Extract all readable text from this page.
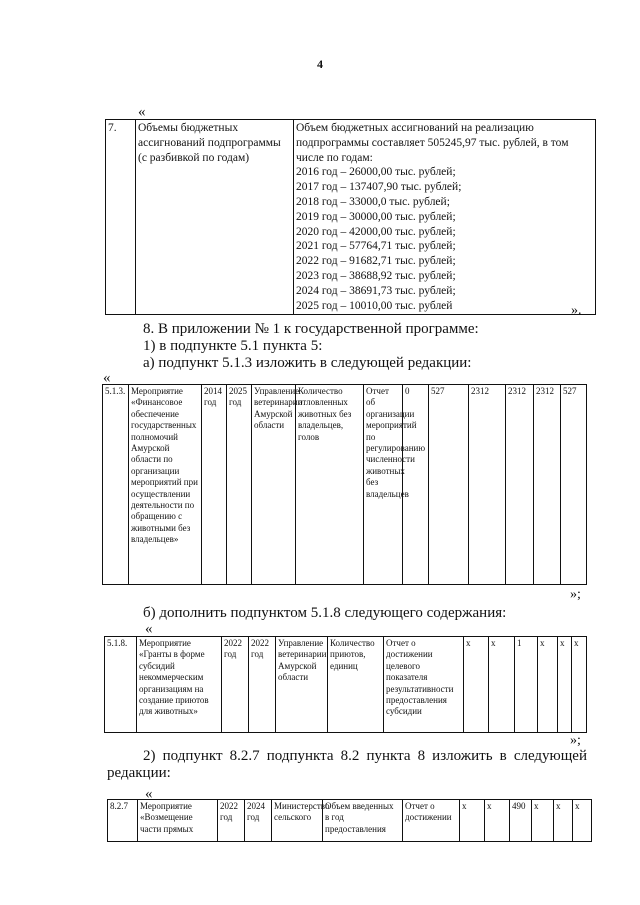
4
«
7.	Объемы бюджетных ассигнований подпрограммы (с разбивкой по годам)	
Объем бюджетных ассигнований на реализацию подпрограммы составляет 505245,97 тыс. рублей, в том числе по годам:
2016 год – 26000,00 тыс. рублей;
2017 год – 137407,90 тыс. рублей;
2018 год – 33000,0 тыс. рублей;
2019 год – 30000,00 тыс. рублей;
2020 год – 42000,00 тыс. рублей;
2021 год – 57764,71 тыс. рублей;
2022 год – 91682,71 тыс. рублей;
2023 год – 38688,92 тыс. рублей;
2024 год – 38691,73 тыс. рублей;
2025 год – 10010,00 тыс. рублей	».
8. В приложении № 1 к государственной программе:
1) в подпункте 5.1 пункта 5:
а) подпункт 5.1.3 изложить в следующей редакции:
«
5.1.3.	Мероприятие «Финансовое обеспечение государственных полномочий Амурской области по организации мероприятий при осуществлении деятельности по обращению с животными без владельцев»	2014 год	2025 год	Управление ветеринарии Амурской области	Количество отловленных животных без владельцев, голов	Отчет об организации мероприятий по регулированию численности животных без владельцев	0	527	2312	2312	2312	527
»;
б) дополнить подпунктом 5.1.8 следующего содержания:
«
5.1.8.	Мероприятие «Гранты в форме субсидий некоммерческим организациям на создание приютов для животных»	2022 год	2022 год	Управление ветеринарии Амурской области	Количество приютов, единиц	Отчет о достижении целевого показателя результативности предоставления субсидии	х	х	1	х	х	х
»;
2) подпункт 8.2.7 подпункта 8.2 пункта 8 изложить в следующей редакции:
«
8.2.7	Мероприятие «Возмещение части прямых	2022 год	2024 год	Министерство сельского	Объем введенных в год предоставления	Отчет о достижении	х	х	490	х	х	х
